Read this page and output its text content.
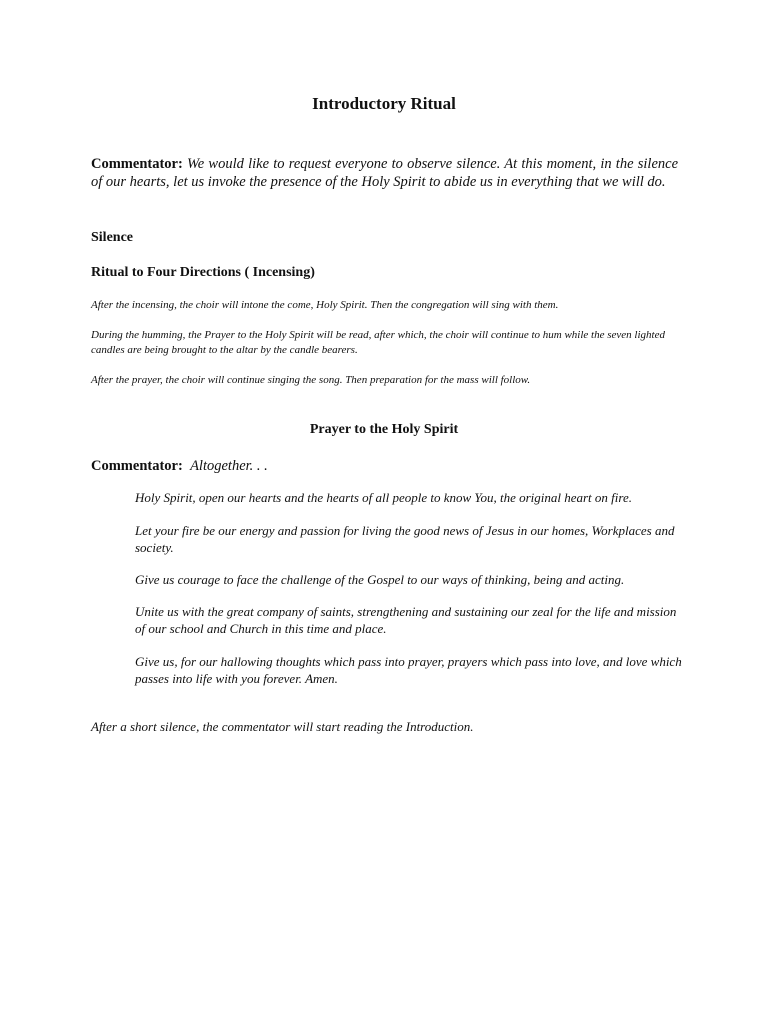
Introductory Ritual
Commentator: We would like to request everyone to observe silence. At this moment, in the silence of our hearts, let us invoke the presence of the Holy Spirit to abide us in everything that we will do.
Silence
Ritual to Four Directions ( Incensing)
After the incensing, the choir will intone the come, Holy Spirit. Then the congregation will sing with them.
During the humming, the Prayer to the Holy Spirit will be read, after which, the choir will continue to hum while the seven lighted candles are being brought to the altar by the candle bearers.
After the prayer, the choir will continue singing the song. Then preparation for the mass will follow.
Prayer to the Holy Spirit
Commentator: Altogether. . .
Holy Spirit, open our hearts and the hearts of all people to know You, the original heart on fire.
Let your fire be our energy and passion for living the good news of Jesus in our homes, Workplaces and society.
Give us courage to face the challenge of the Gospel to our ways of thinking, being and acting.
Unite us with the great company of saints, strengthening and sustaining our zeal for the life and mission of our school and Church in this time and place.
Give us, for our hallowing thoughts which pass into prayer, prayers which pass into love, and love which passes into life with you forever. Amen.
After a short silence, the commentator will start reading the Introduction.
